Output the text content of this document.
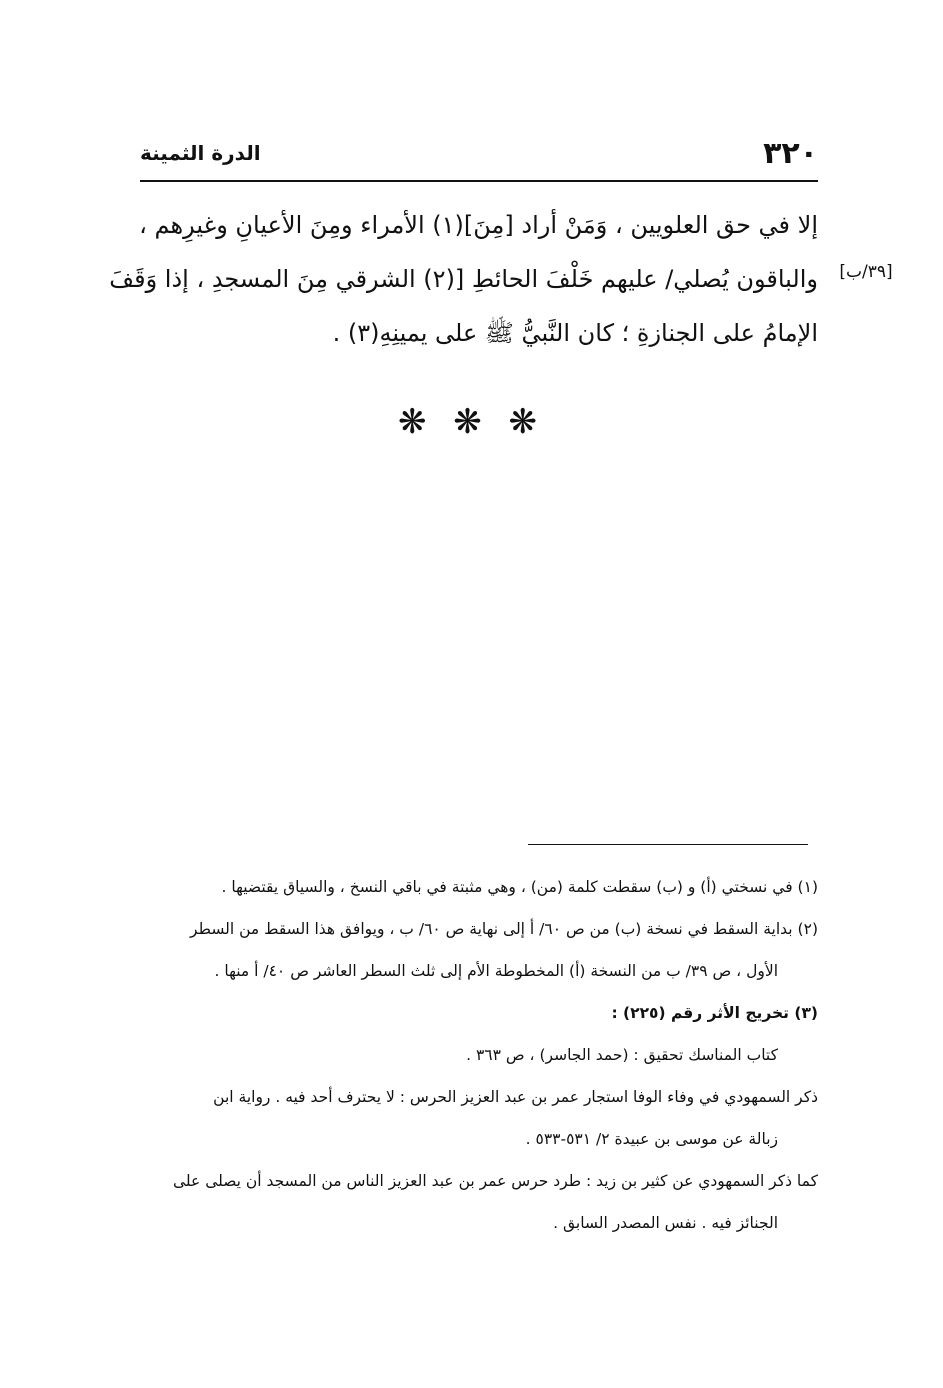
٣٢٠
الدرة الثمينة
[٣٩/ب]
إلا في حق العلويين ، وَمَنْ أراد [مِنَ](١) الأمراء ومِنَ الأعيانِ وغيرِهم ،
والباقون يُصلي/ عليهم خَلْفَ الحائطِ [(٢) الشرقي مِنَ المسجدِ ، إذا وَقَفَ
الإمامُ على الجنازةِ ؛ كان النَّبيُّ ﷺ على يمينِهِ(٣) .
❋ ❋ ❋
(١) في نسختي (أ) و (ب) سقطت كلمة (من) ، وهي مثبتة في باقي النسخ ، والسياق يقتضيها .
(٢) بداية السقط في نسخة (ب) من ص ٦٠/ أ إلى نهاية ص ٦٠/ ب ، ويوافق هذا السقط من السطر
الأول ، ص ٣٩/ ب من النسخة (أ) المخطوطة الأم إلى ثلث السطر العاشر ص ٤٠/ أ منها .
(٣) تخريج الأثر رقم (٢٢٥) :
كتاب المناسك تحقيق : (حمد الجاسر) ، ص ٣٦٣ .
ذكر السمهودي في وفاء الوفا استجار عمر بن عبد العزيز الحرس : لا يحترف أحد فيه . رواية ابن
زبالة عن موسى بن عبيدة ٢/ ٥٣١-٥٣٣ .
كما ذكر السمهودي عن كثير بن زيد : طرد حرس عمر بن عبد العزيز الناس من المسجد أن يصلى على
الجنائز فيه . نفس المصدر السابق .
